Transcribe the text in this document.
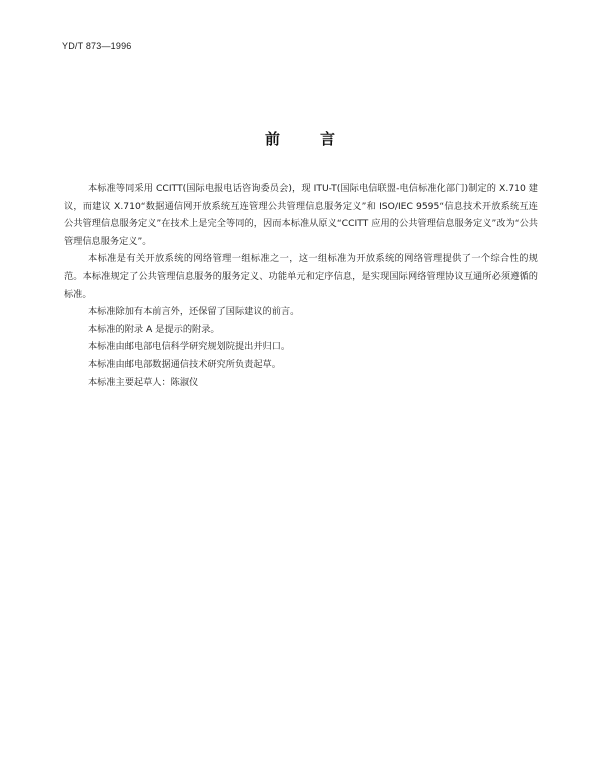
YD/T 873—1996
前言

本标准等同采用 CCITT(国际电报电话咨询委员会)，现 ITU-T(国际电信联盟-电信标准化部门)制定的 X.710 建议，而建议 X.710“数据通信网开放系统互连管理公共管理信息服务定义”和 ISO/IEC 9595“信息技术开放系统互连公共管理信息服务定义”在技术上是完全等同的，因而本标准从原义“CCITT 应用的公共管理信息服务定义”改为“公共管理信息服务定义”。

本标准是有关开放系统的网络管理一组标准之一，这一组标准为开放系统的网络管理提供了一个综合性的规范。本标准规定了公共管理信息服务的服务定义、功能单元和定序信息，是实现国际网络管理协议互通所必须遵循的标准。

本标准除加有本前言外，还保留了国际建议的前言。

本标准的附录 A 是提示的附录。

本标准由邮电部电信科学研究规划院提出并归口。

本标准由邮电部数据通信技术研究所负责起草。

本标准主要起草人：陈淑仪
